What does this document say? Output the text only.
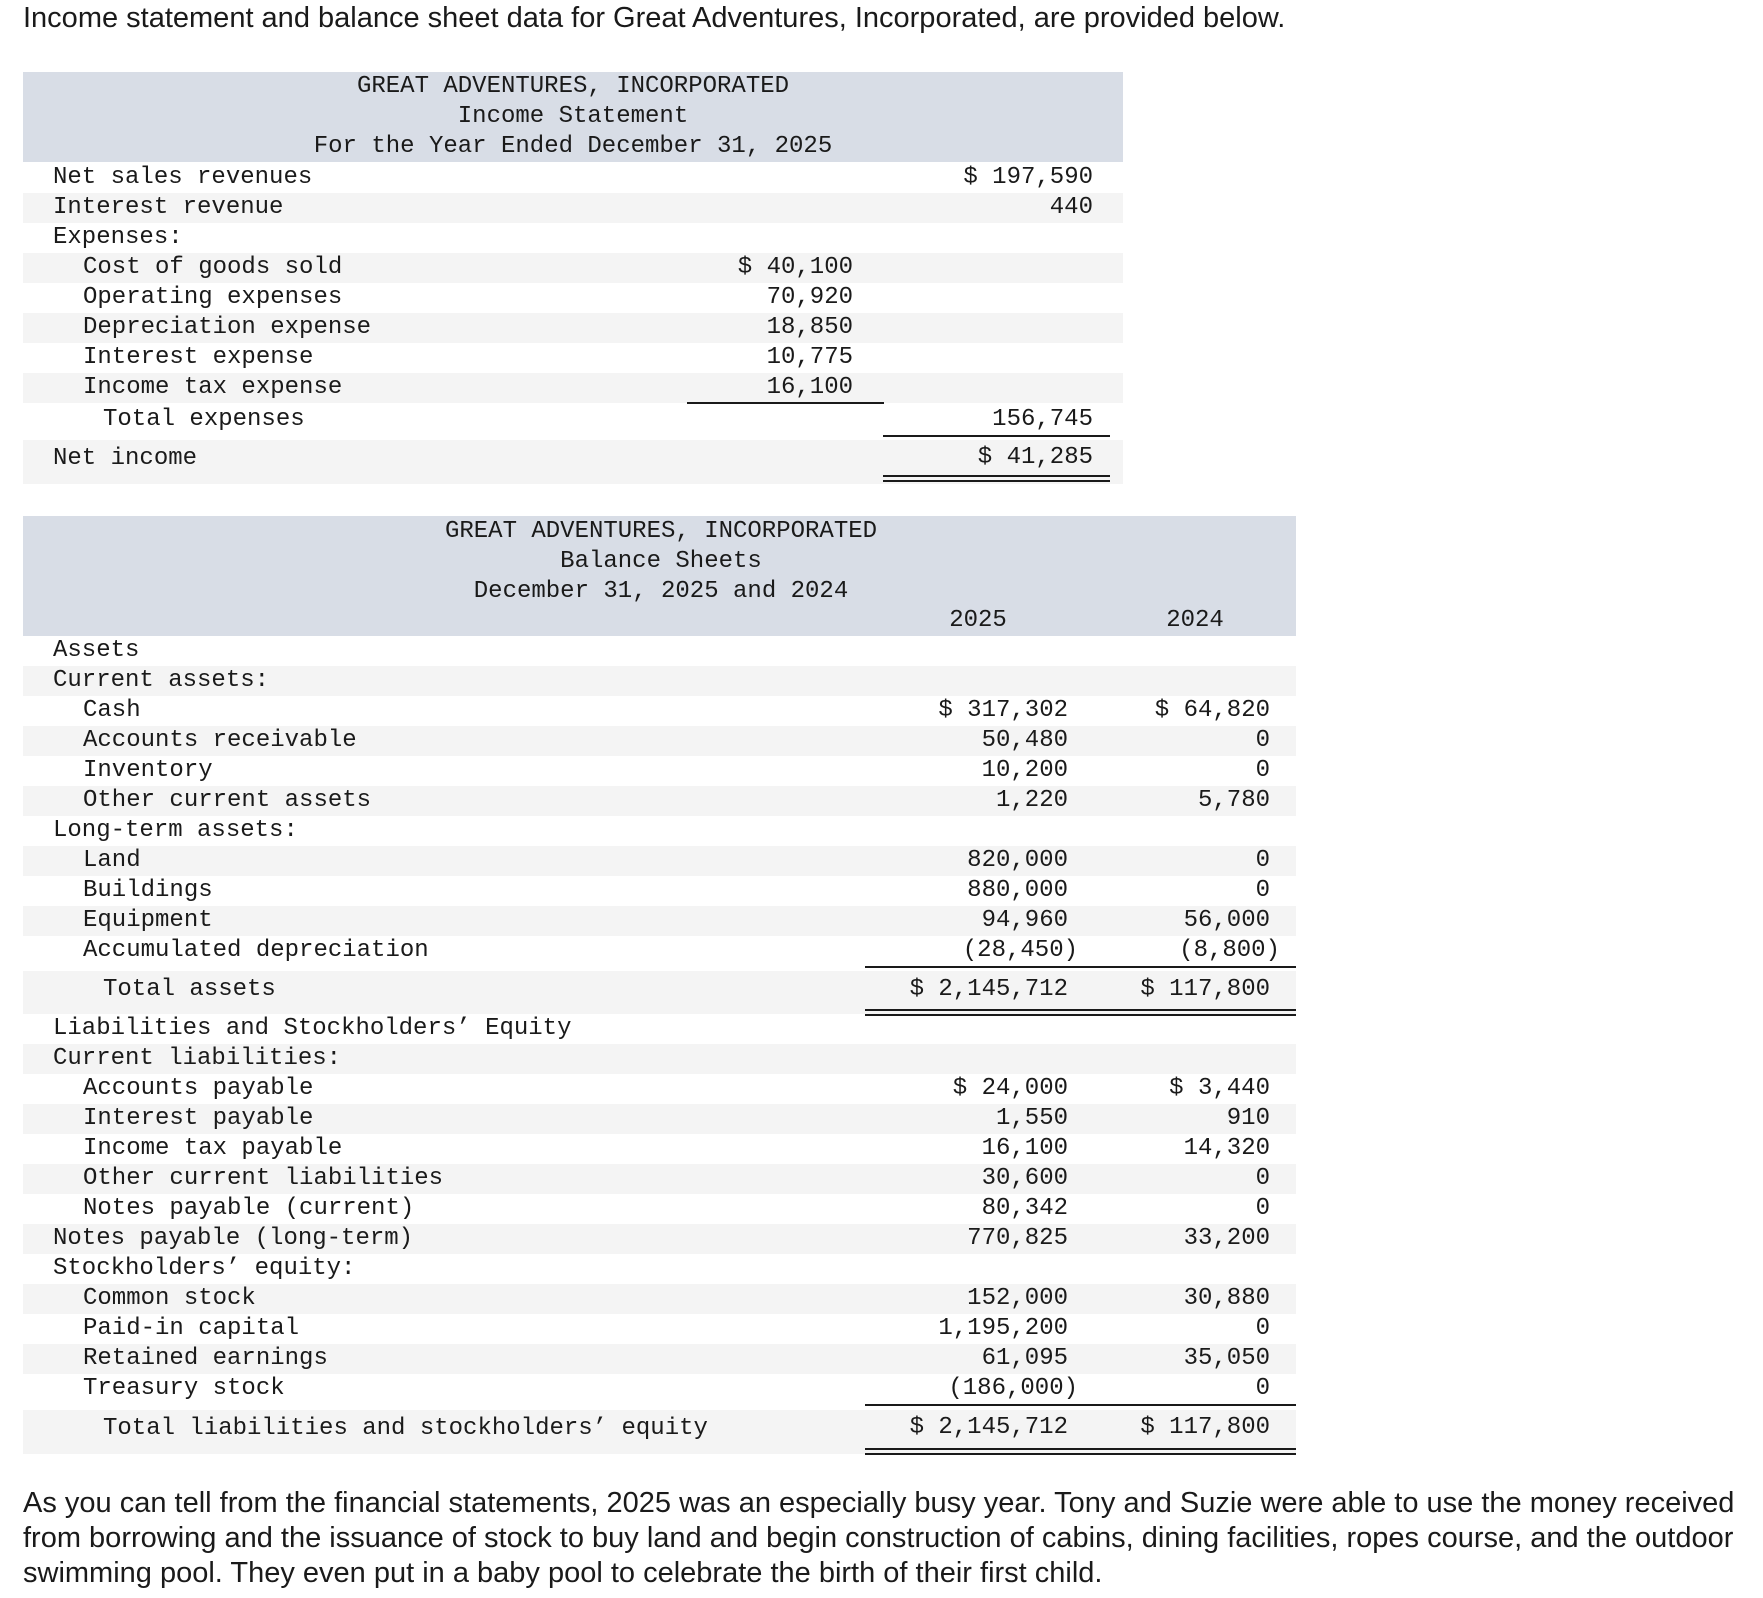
Income statement and balance sheet data for Great Adventures, Incorporated, are provided below.
GREAT ADVENTURES, INCORPORATED
Income Statement
For the Year Ended December 31, 2025
Net sales revenues	$ 197,590
Interest revenue	440
Expenses:
Cost of goods sold	$ 40,100
Operating expenses	70,920
Depreciation expense	18,850
Interest expense	10,775
Income tax expense	16,100
Total expenses	156,745
Net income	$ 41,285
GREAT ADVENTURES, INCORPORATED
Balance Sheets
December 31, 2025 and 2024
2025	2024
Assets
Current assets:
Cash	$ 317,302	$ 64,820
Accounts receivable	50,480	0
Inventory	10,200	0
Other current assets	1,220	5,780
Long-term assets:
Land	820,000	0
Buildings	880,000	0
Equipment	94,960	56,000
Accumulated depreciation	(28,450)	(8,800)
Total assets	$ 2,145,712	$ 117,800
Liabilities and Stockholders’ Equity
Current liabilities:
Accounts payable	$ 24,000	$ 3,440
Interest payable	1,550	910
Income tax payable	16,100	14,320
Other current liabilities	30,600	0
Notes payable (current)	80,342	0
Notes payable (long-term)	770,825	33,200
Stockholders’ equity:
Common stock	152,000	30,880
Paid-in capital	1,195,200	0
Retained earnings	61,095	35,050
Treasury stock	(186,000)	0
Total liabilities and stockholders’ equity	$ 2,145,712	$ 117,800
As you can tell from the financial statements, 2025 was an especially busy year. Tony and Suzie were able to use the money received from borrowing and the issuance of stock to buy land and begin construction of cabins, dining facilities, ropes course, and the outdoor swimming pool. They even put in a baby pool to celebrate the birth of their first child.
